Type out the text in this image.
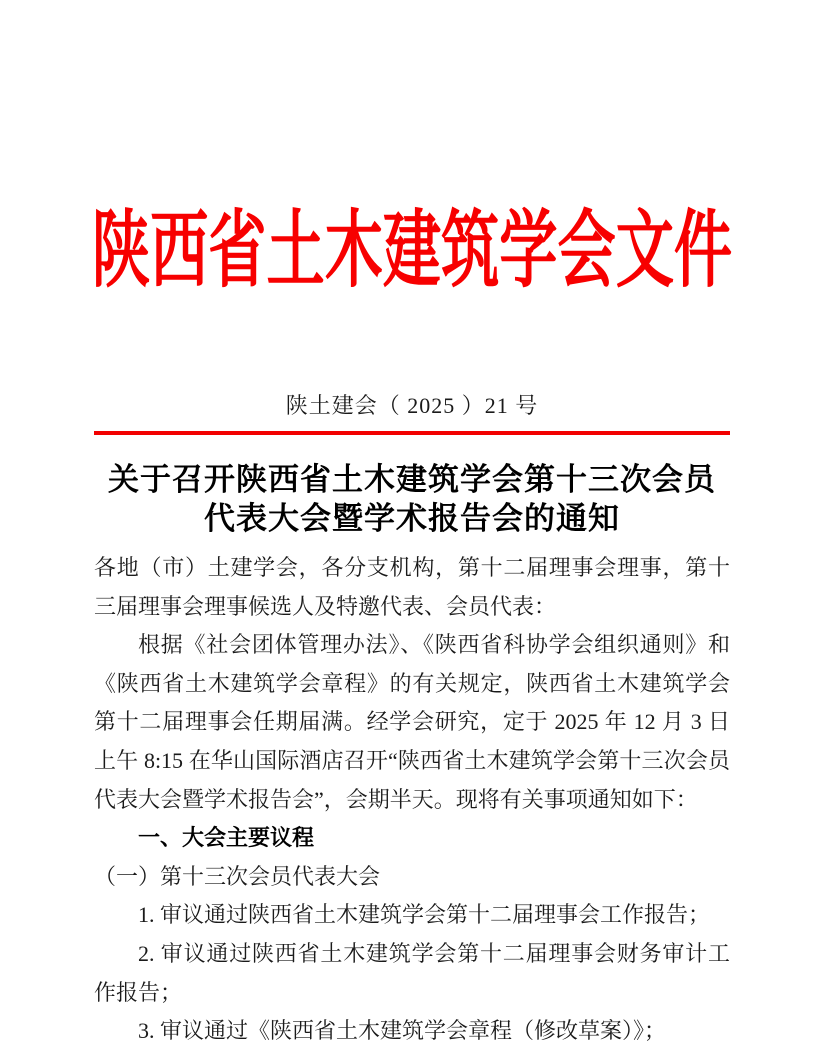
陕西省土木建筑学会文件
陕土建会（ 2025 ）21 号
关于召开陕西省土木建筑学会第十三次会员
代表大会暨学术报告会的通知

各地（市）土建学会，各分支机构，第十二届理事会理事，第十三届理事会理事候选人及特邀代表、会员代表：

根据《社会团体管理办法》、《陕西省科协学会组织通则》和《陕西省土木建筑学会章程》的有关规定，陕西省土木建筑学会第十二届理事会任期届满。经学会研究，定于 2025 年 12 月 3 日上午 8:15 在华山国际酒店召开“陕西省土木建筑学会第十三次会员代表大会暨学术报告会”，会期半天。现将有关事项通知如下：

一、大会主要议程

（一）第十三次会员代表大会

1. 审议通过陕西省土木建筑学会第十二届理事会工作报告；

2. 审议通过陕西省土木建筑学会第十二届理事会财务审计工作报告；

3. 审议通过《陕西省土木建筑学会章程（修改草案）》；
